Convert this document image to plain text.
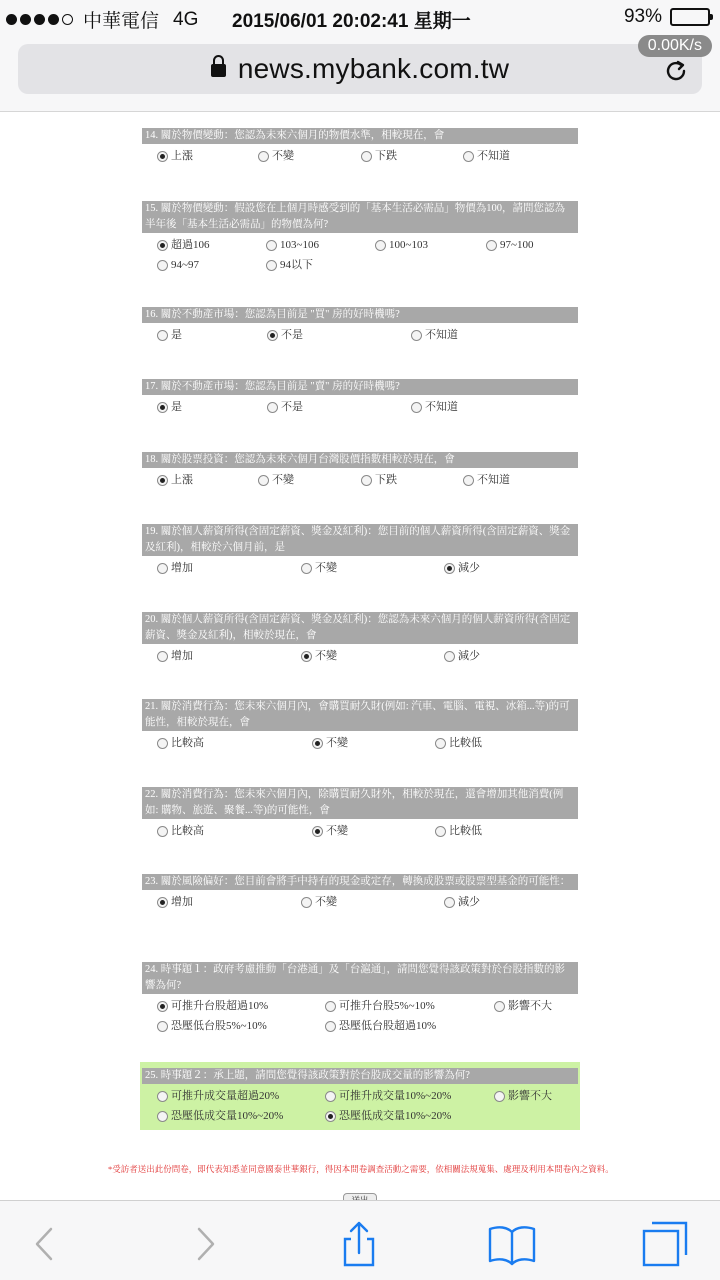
中華電信 4G 2015/06/01 20:02:41 星期一	93%
news.mybank.com.tw
0.00K/s
14. 關於物價變動：您認為未來六個月的物價水準，相較現在，會
上漲	不變	下跌	不知道
15. 關於物價變動：假設您在上個月時感受到的「基本生活必需品」物價為100，請問您認為半年後「基本生活必需品」的物價為何?
超過106	103~106	100~103	97~100
94~97	94以下
16. 關於不動產市場：您認為目前是 "買" 房的好時機嗎?
是	不是	不知道
17. 關於不動產市場：您認為目前是 "賣" 房的好時機嗎?
是	不是	不知道
18. 關於股票投資：您認為未來六個月台灣股價指數相較於現在，會
上漲	不變	下跌	不知道
19. 關於個人薪資所得(含固定薪資、獎金及紅利)：您目前的個人薪資所得(含固定薪資、獎金及紅利)，相較於六個月前，是
增加	不變	減少
20. 關於個人薪資所得(含固定薪資、獎金及紅利)：您認為未來六個月的個人薪資所得(含固定薪資、獎金及紅利)，相較於現在，會
增加	不變	減少
21. 關於消費行為：您未來六個月內，會購買耐久財(例如: 汽車、電腦、電視、冰箱...等)的可能性，相較於現在，會
比較高	不變	比較低
22. 關於消費行為：您未來六個月內，除購買耐久財外，相較於現在，還會增加其他消費(例如: 購物、旅遊、聚餐...等)的可能性，會
比較高	不變	比較低
23. 關於風險偏好：您目前會將手中持有的現金或定存，轉換成股票或股票型基金的可能性：
增加	不變	減少
24. 時事題１：政府考慮推動「台港通」及「台滬通」，請問您覺得該政策對於台股指數的影響為何?
可推升台股超過10%	可推升台股5%~10%	影響不大
恐壓低台股5%~10%	恐壓低台股超過10%
25. 時事題２：承上題，請問您覺得該政策對於台股成交量的影響為何?
可推升成交量超過20%	可推升成交量10%~20%	影響不大
恐壓低成交量10%~20%	恐壓低成交量10%~20%
*受訪者送出此份問卷，即代表知悉並同意國泰世華銀行，得因本問卷調查活動之需要，依相關法規蒐集、處理及利用本問卷內之資料。
